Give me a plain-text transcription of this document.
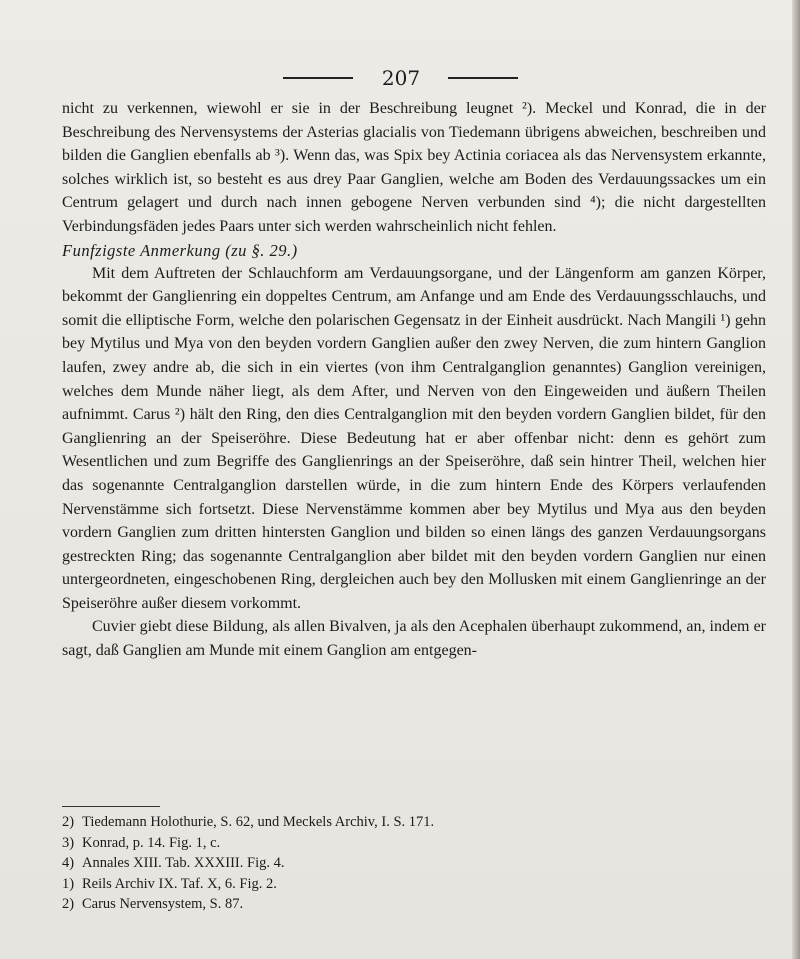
207

nicht zu verkennen, wiewohl er sie in der Beschreibung leugnet ²). Meckel und Konrad, die in der Beschreibung des Nervensystems der Asterias glacialis von Tiedemann übrigens abweichen, beschreiben und bilden die Ganglien ebenfalls ab ³). Wenn das, was Spix bey Actinia coriacea als das Nervensystem erkannte, solches wirklich ist, so besteht es aus drey Paar Ganglien, welche am Boden des Verdauungssackes um ein Centrum gelagert und durch nach innen gebogene Nerven verbunden sind ⁴); die nicht dargestellten Verbindungsfäden jedes Paars unter sich werden wahrscheinlich nicht fehlen.

Funfzigste Anmerkung (zu §. 29.)

Mit dem Auftreten der Schlauchform am Verdauungsorgane, und der Längenform am ganzen Körper, bekommt der Ganglienring ein doppeltes Centrum, am Anfange und am Ende des Verdauungsschlauchs, und somit die elliptische Form, welche den polarischen Gegensatz in der Einheit ausdrückt. Nach Mangili ¹) gehn bey Mytilus und Mya von den beyden vordern Ganglien außer den zwey Nerven, die zum hintern Ganglion laufen, zwey andre ab, die sich in ein viertes (von ihm Centralganglion genanntes) Ganglion vereinigen, welches dem Munde näher liegt, als dem After, und Nerven von den Eingeweiden und äußern Theilen aufnimmt. Carus ²) hält den Ring, den dies Centralganglion mit den beyden vordern Ganglien bildet, für den Ganglienring an der Speiseröhre. Diese Bedeutung hat er aber offenbar nicht: denn es gehört zum Wesentlichen und zum Begriffe des Ganglienrings an der Speiseröhre, daß sein hintrer Theil, welchen hier das sogenannte Centralganglion darstellen würde, in die zum hintern Ende des Körpers verlaufenden Nervenstämme sich fortsetzt. Diese Nervenstämme kommen aber bey Mytilus und Mya aus den beyden vordern Ganglien zum dritten hintersten Ganglion und bilden so einen längs des ganzen Verdauungsorgans gestreckten Ring; das sogenannte Centralganglion aber bildet mit den beyden vordern Ganglien nur einen untergeordneten, eingeschobenen Ring, dergleichen auch bey den Mollusken mit einem Ganglienringe an der Speiseröhre außer diesem vorkommt.

Cuvier giebt diese Bildung, als allen Bivalven, ja als den Acephalen überhaupt zukommend, an, indem er sagt, daß Ganglien am Munde mit einem Ganglion am entgegen-

2) Tiedemann Holothurie, S. 62, und Meckels Archiv, I. S. 171.
3) Konrad, p. 14. Fig. 1, c.
4) Annales XIII. Tab. XXXIII. Fig. 4.
1) Reils Archiv IX. Taf. X, 6. Fig. 2.
2) Carus Nervensystem, S. 87.
